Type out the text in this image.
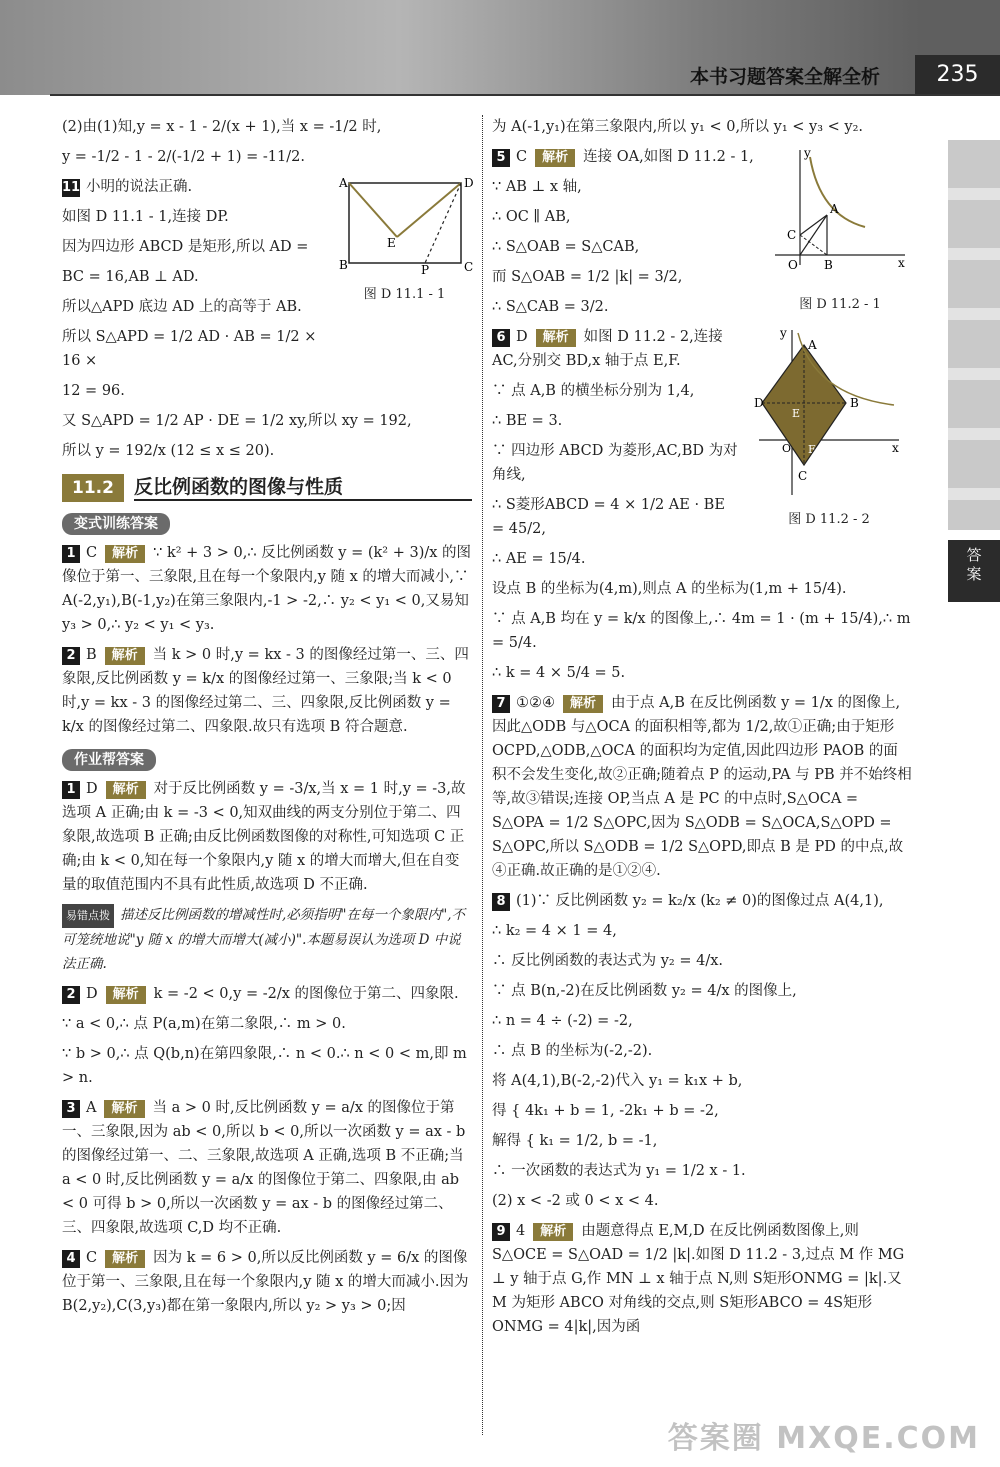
本书习题答案全解全析	235
答
案

(2)由(1)知,y = x - 1 - 2/(x + 1),当 x = -1/2 时,

y = -1/2 - 1 - 2/(-1/2 + 1) = -11/2.

11 小明的说法正确.

如图 D 11.1 - 1,连接 DP.

因为四边形 ABCD 是矩形,所以 AD =

BC = 16,AB ⊥ AD.

所以△APD 底边 AD 上的高等于 AB.

所以 S△APD = 1/2 AD · AB = 1/2 × 16 ×

A	D
B	C
E
P
图 D 11.1 - 1

12 = 96.

又 S△APD = 1/2 AP · DE = 1/2 xy,所以 xy = 192,

所以 y = 192/x (12 ≤ x ≤ 20).

11.2	反比例函数的图像与性质
变式训练答案

1 C 解析 ∵ k² + 3 > 0,∴ 反比例函数 y = (k² + 3)/x 的图像位于第一、三象限,且在每一个象限内,y 随 x 的增大而减小,∵ A(-2,y₁),B(-1,y₂)在第三象限内,-1 > -2,∴ y₂ < y₁ < 0,又易知 y₃ > 0,∴ y₂ < y₁ < y₃.

2 B 解析 当 k > 0 时,y = kx - 3 的图像经过第一、三、四象限,反比例函数 y = k/x 的图像经过第一、三象限;当 k < 0 时,y = kx - 3 的图像经过第二、三、四象限,反比例函数 y = k/x 的图像经过第二、四象限.故只有选项 B 符合题意.

作业帮答案

1 D 解析 对于反比例函数 y = -3/x,当 x = 1 时,y = -3,故选项 A 正确;由 k = -3 < 0,知双曲线的两支分别位于第二、四象限,故选项 B 正确;由反比例函数图像的对称性,可知选项 C 正确;由 k < 0,知在每一个象限内,y 随 x 的增大而增大,但在自变量的取值范围内不具有此性质,故选项 D 不正确.

易错点拨 描述反比例函数的增减性时,必须指明"在每一个象限内",不可笼统地说"y 随 x 的增大而增大(减小)".本题易误认为选项 D 中说法正确.

2 D 解析 k = -2 < 0,y = -2/x 的图像位于第二、四象限.

∵ a < 0,∴ 点 P(a,m)在第二象限,∴ m > 0.

∵ b > 0,∴ 点 Q(b,n)在第四象限,∴ n < 0.∴ n < 0 < m,即 m > n.

3 A 解析 当 a > 0 时,反比例函数 y = a/x 的图像位于第一、三象限,因为 ab < 0,所以 b < 0,所以一次函数 y = ax - b 的图像经过第一、二、三象限,故选项 A 正确,选项 B 不正确;当 a < 0 时,反比例函数 y = a/x 的图像位于第二、四象限,由 ab < 0 可得 b > 0,所以一次函数 y = ax - b 的图像经过第二、三、四象限,故选项 C,D 均不正确.

4 C 解析 因为 k = 6 > 0,所以反比例函数 y = 6/x 的图像位于第一、三象限,且在每一个象限内,y 随 x 的增大而减小.因为 B(2,y₂),C(3,y₃)都在第一象限内,所以 y₂ > y₃ > 0;因

为 A(-1,y₁)在第三象限内,所以 y₁ < 0,所以 y₁ < y₃ < y₂.

5 C 解析 连接 OA,如图 D 11.2 - 1,

∵ AB ⊥ x 轴,

∴ OC ∥ AB,

∴ S△OAB = S△CAB,

而 S△OAB = 1/2 |k| = 3/2,

∴ S△CAB = 3/2.

y
x
A
B
C
O
图 D 11.2 - 1

6 D 解析 如图 D 11.2 - 2,连接 AC,分别交 BD,x 轴于点 E,F.

∵ 点 A,B 的横坐标分别为 1,4,

∴ BE = 3.

∵ 四边形 ABCD 为菱形,AC,BD 为对角线,

∴ S菱形ABCD = 4 × 1/2 AE · BE = 45/2,

∴ AE = 15/4.

y
x
A
B
C
D
E
F
O
图 D 11.2 - 2

设点 B 的坐标为(4,m),则点 A 的坐标为(1,m + 15/4).

∵ 点 A,B 均在 y = k/x 的图像上,∴ 4m = 1 · (m + 15/4),∴ m = 5/4.

∴ k = 4 × 5/4 = 5.

7 ①②④ 解析 由于点 A,B 在反比例函数 y = 1/x 的图像上,因此△ODB 与△OCA 的面积相等,都为 1/2,故①正确;由于矩形 OCPD,△ODB,△OCA 的面积均为定值,因此四边形 PAOB 的面积不会发生变化,故②正确;随着点 P 的运动,PA 与 PB 并不始终相等,故③错误;连接 OP,当点 A 是 PC 的中点时,S△OCA = S△OPA = 1/2 S△OPC,因为 S△ODB = S△OCA,S△OPD = S△OPC,所以 S△ODB = 1/2 S△OPD,即点 B 是 PD 的中点,故④正确.故正确的是①②④.

8 (1)∵ 反比例函数 y₂ = k₂/x (k₂ ≠ 0)的图像过点 A(4,1),

∴ k₂ = 4 × 1 = 4,

∴ 反比例函数的表达式为 y₂ = 4/x.

∵ 点 B(n,-2)在反比例函数 y₂ = 4/x 的图像上,

∴ n = 4 ÷ (-2) = -2,

∴ 点 B 的坐标为(-2,-2).

将 A(4,1),B(-2,-2)代入 y₁ = k₁x + b,

得 { 4k₁ + b = 1, -2k₁ + b = -2,

解得 { k₁ = 1/2, b = -1,

∴ 一次函数的表达式为 y₁ = 1/2 x - 1.

(2) x < -2 或 0 < x < 4.

9 4 解析 由题意得点 E,M,D 在反比例函数图像上,则 S△OCE = S△OAD = 1/2 |k|.如图 D 11.2 - 3,过点 M 作 MG ⊥ y 轴于点 G,作 MN ⊥ x 轴于点 N,则 S矩形ONMG = |k|.又 M 为矩形 ABCO 对角线的交点,则 S矩形ABCO = 4S矩形ONMG = 4|k|,因为函

答案圈 MXQE.COM
